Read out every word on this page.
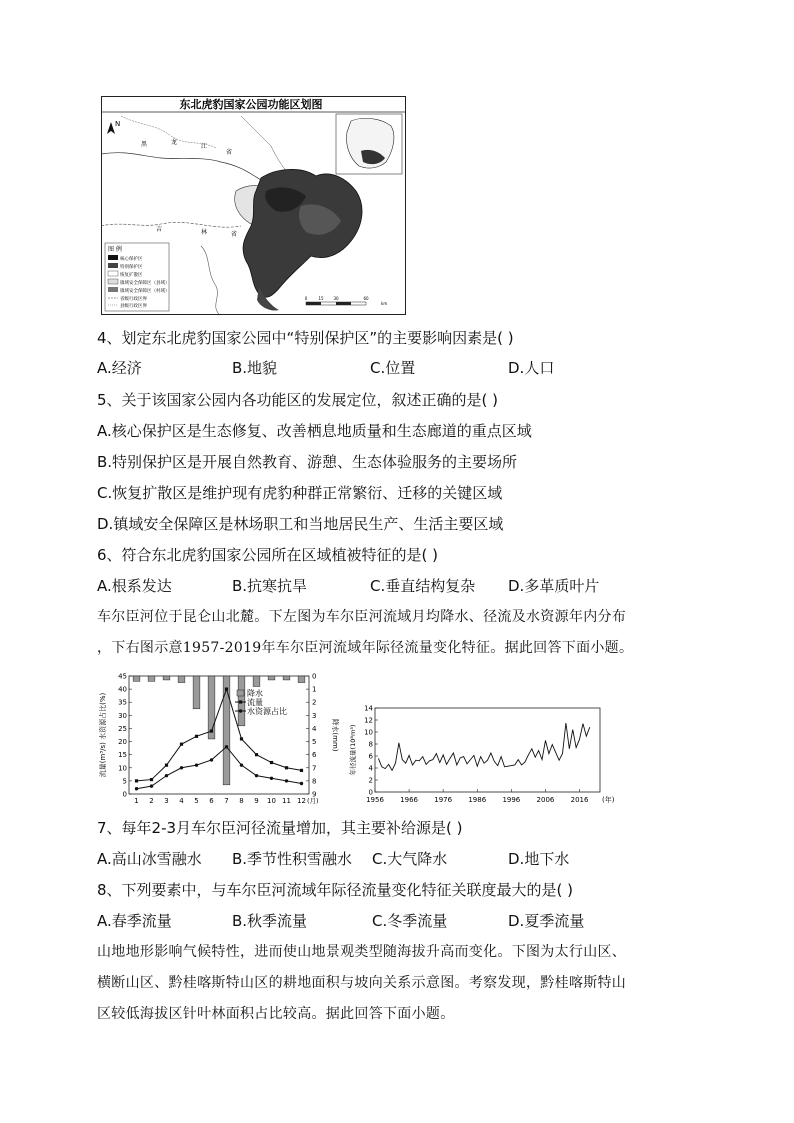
东北虎豹国家公园功能区划图
N
黑	龙
江
省
吉	林	省
图 例
核心保护区
特别保护区
恢复扩散区
镇域安全保障区（县域）
镇域安全保障区（村域）
省级行政区界
县级行政区界
0	15 30	60
km
4、划定东北虎豹国家公园中“特别保护区”的主要影响因素是( )
A.经济	B.地貌	C.位置	D.人口
5、关于该国家公园内各功能区的发展定位，叙述正确的是( )
A.核心保护区是生态修复、改善栖息地质量和生态廊道的重点区域
B.特别保护区是开展自然教育、游憩、生态体验服务的主要场所
C.恢复扩散区是维护现有虎豹种群正常繁衍、迁移的关键区域
D.镇域安全保障区是林场职工和当地居民生产、生活主要区域
6、符合东北虎豹国家公园所在区域植被特征的是( )
A.根系发达	B.抗寒抗旱	C.垂直结构复杂 D.多革质叶片
车尔臣河位于昆仑山北麓。下左图为车尔臣河流域月均降水、径流及水资源年内分布
，下右图示意1957-2019年车尔臣河流域年际径流量变化特征。据此回答下面小题。
0
5
10
15
20
25
30
35
40
45	0
1
2
3
4
5
6
7
8
9
1 2 3 4 5 6 7 8 9 10 11 12 (月)
流量(m³/s) 水资源占比(%)	降水(mm)
降水
流量
水资源占比
0
2
4
6
8
10
12
14
1956 1966 1976 1986 1996 2006 2016 (年)
年径流量(10⁸m³)
7、每年2-3月车尔臣河径流量增加，其主要补给源是( )
A.高山冰雪融水 B.季节性积雪融水 C.大气降水	D.地下水
8、下列要素中，与车尔臣河流域年际径流量变化特征关联度最大的是( )
A.春季流量	B.秋季流量	C.冬季流量	D.夏季流量
山地地形影响气候特性，进而使山地景观类型随海拔升高而变化。下图为太行山区、
横断山区、黔桂喀斯特山区的耕地面积与坡向关系示意图。考察发现，黔桂喀斯特山
区较低海拔区针叶林面积占比较高。据此回答下面小题。
